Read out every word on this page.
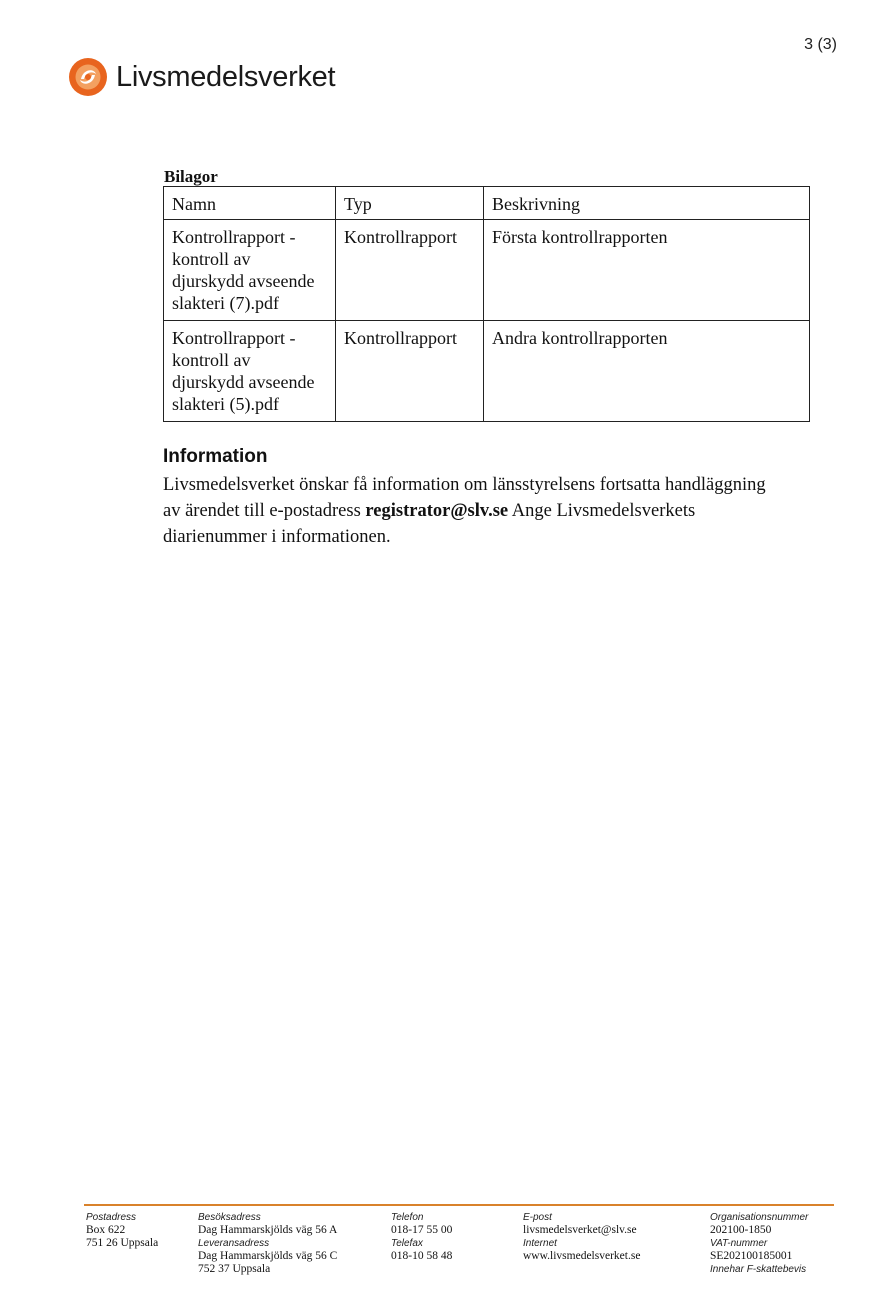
3 (3)
Livsmedelsverket
Bilagor
Namn	Typ	Beskrivning

Kontrollrapport -
kontroll av
djurskydd avseende
slakteri (7).pdf	Kontrollrapport	Första kontrollrapporten

Kontrollrapport -
kontroll av
djurskydd avseende
slakteri (5).pdf	Kontrollrapport	Andra kontrollrapporten
Information
Livsmedelsverket önskar få information om länsstyrelsens fortsatta handläggning
av ärendet till e-postadress registrator@slv.se Ange Livsmedelsverkets
diarienummer i informationen.
Postadress
Box 622
751 26 Uppsala
Besöksadress
Dag Hammarskjölds väg 56 A
Leveransadress
Dag Hammarskjölds väg 56 C
752 37 Uppsala
Telefon
018-17 55 00
Telefax
018-10 58 48
E-post
livsmedelsverket@slv.se
Internet
www.livsmedelsverket.se
Organisationsnummer
202100-1850
VAT-nummer
SE202100185001
Innehar F-skattebevis
